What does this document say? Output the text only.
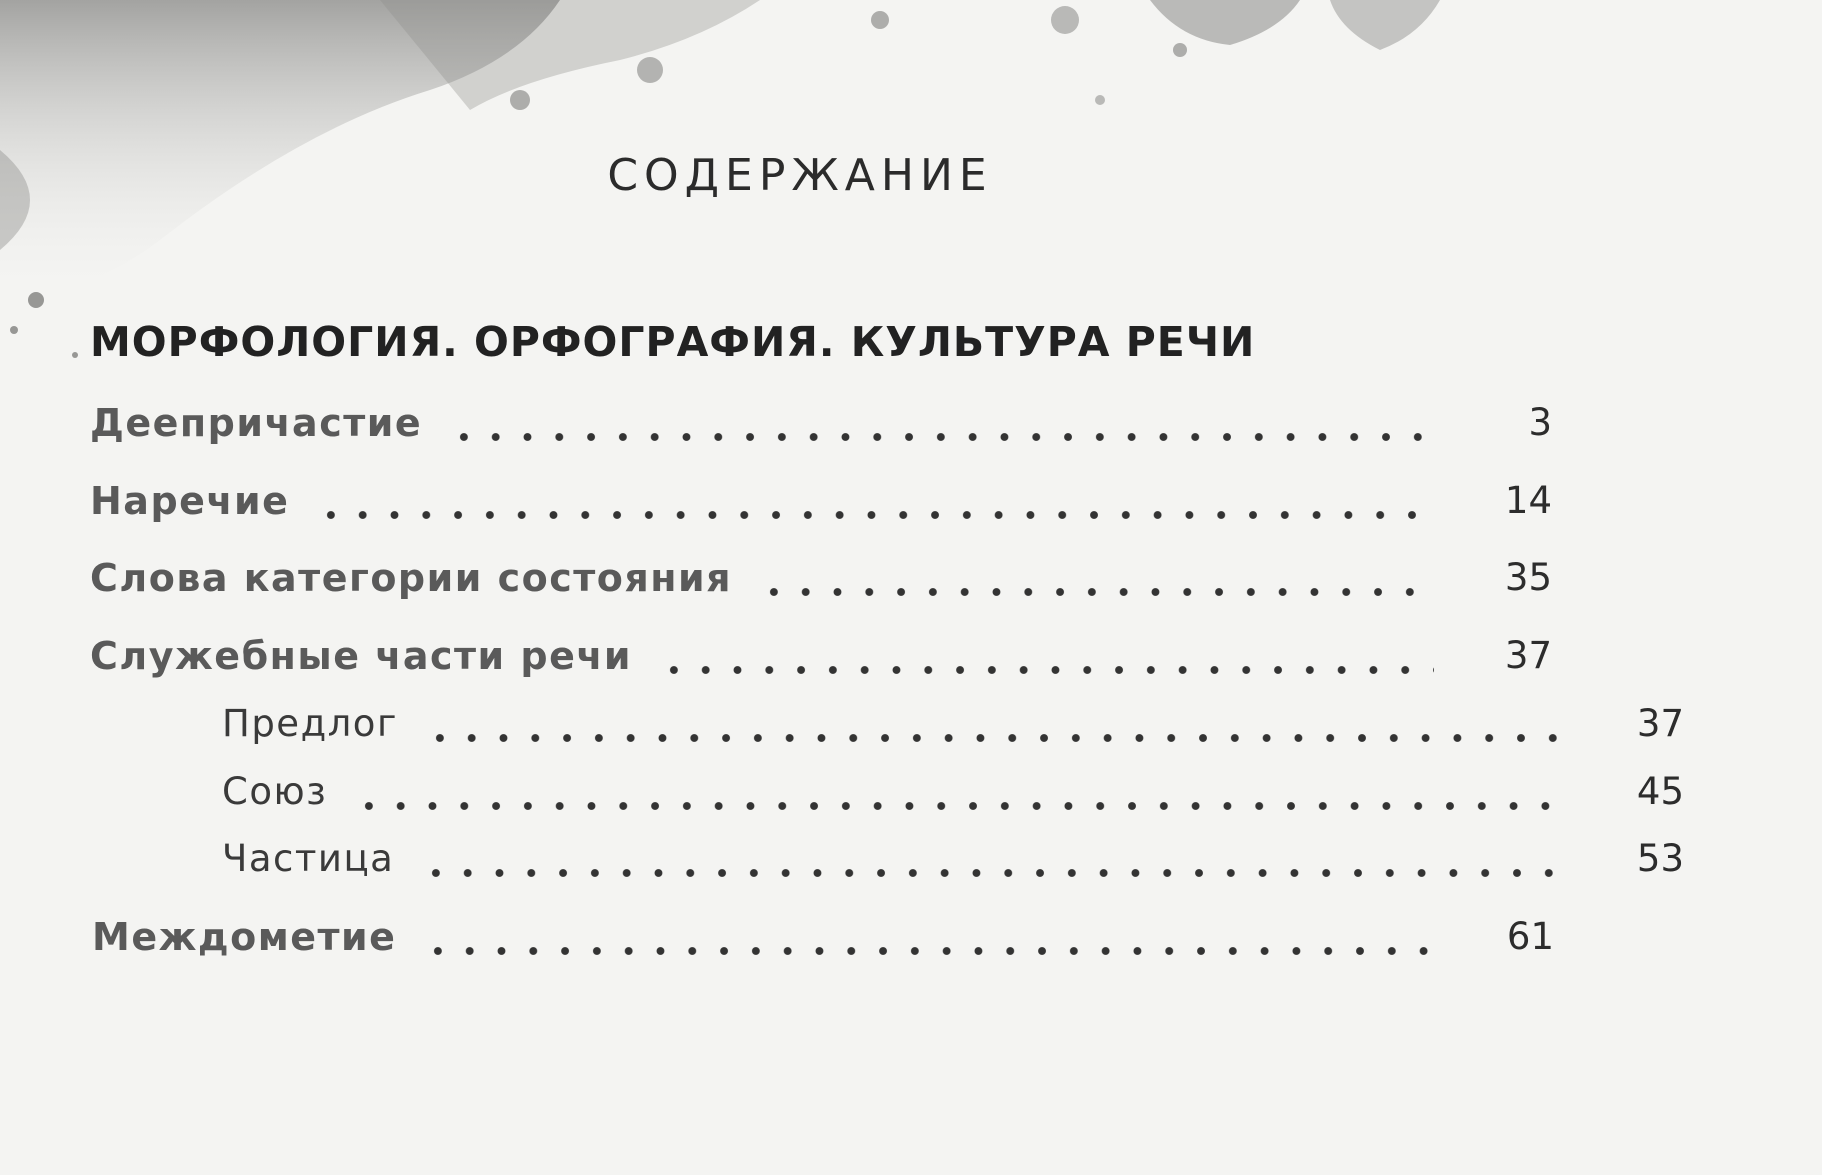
СОДЕРЖАНИЕ
МОРФОЛОГИЯ. ОРФОГРАФИЯ. КУЛЬТУРА РЕЧИ
Деепричастие	3
Наречие	14
Слова категории состояния	35
Служебные части речи	37
Предлог	37
Союз	45
Частица	53
Междометие	61
